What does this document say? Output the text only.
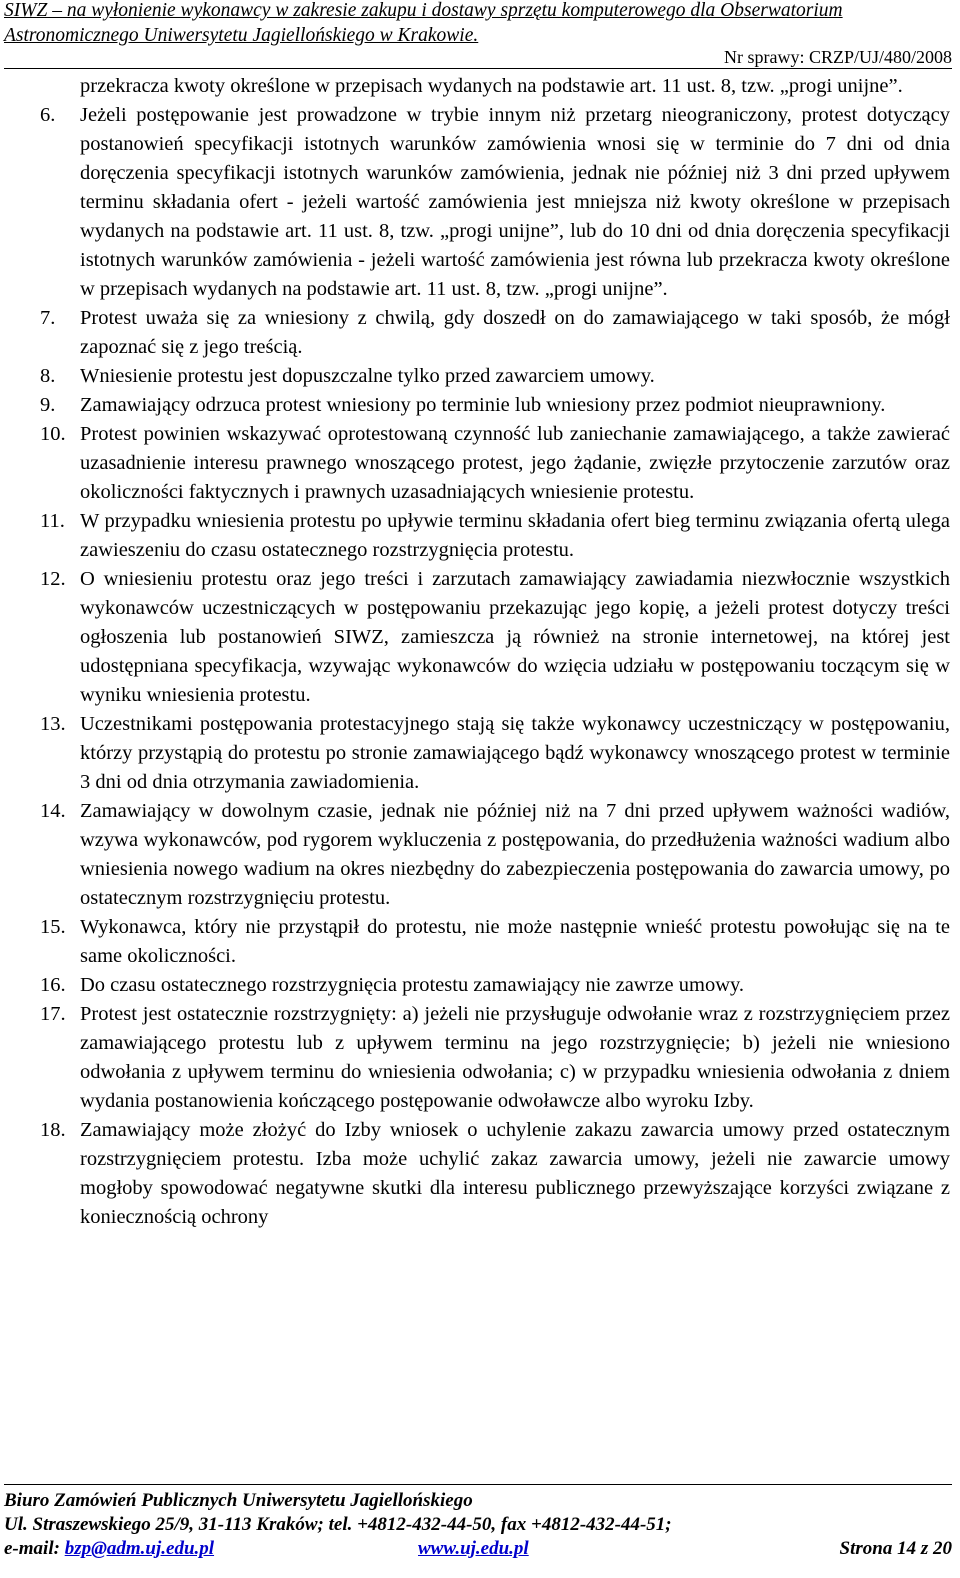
SIWZ – na wyłonienie wykonawcy w zakresie zakupu i dostawy sprzętu komputerowego dla Obserwatorium
Astronomicznego Uniwersytetu Jagiellońskiego w Krakowie.
Nr sprawy: CRZP/UJ/480/2008

przekracza kwoty określone w przepisach wydanych na podstawie art. 11 ust. 8, tzw. „progi unijne”.

6. Jeżeli postępowanie jest prowadzone w trybie innym niż przetarg nieograniczony, protest dotyczący postanowień specyfikacji istotnych warunków zamówienia wnosi się w terminie do 7 dni od dnia doręczenia specyfikacji istotnych warunków zamówienia, jednak nie później niż 3 dni przed upływem terminu składania ofert - jeżeli wartość zamówienia jest mniejsza niż kwoty określone w przepisach wydanych na podstawie art. 11 ust. 8, tzw. „progi unijne”, lub do 10 dni od dnia doręczenia specyfikacji istotnych warunków zamówienia - jeżeli wartość zamówienia jest równa lub przekracza kwoty określone w przepisach wydanych na podstawie art. 11 ust. 8, tzw. „progi unijne”.
7. Protest uważa się za wniesiony z chwilą, gdy doszedł on do zamawiającego w taki sposób, że mógł zapoznać się z jego treścią.
8. Wniesienie protestu jest dopuszczalne tylko przed zawarciem umowy.
9. Zamawiający odrzuca protest wniesiony po terminie lub wniesiony przez podmiot nieuprawniony.
10. Protest powinien wskazywać oprotestowaną czynność lub zaniechanie zamawiającego, a także zawierać uzasadnienie interesu prawnego wnoszącego protest, jego żądanie, zwięzłe przytoczenie zarzutów oraz okoliczności faktycznych i prawnych uzasadniających wniesienie protestu.
11. W przypadku wniesienia protestu po upływie terminu składania ofert bieg terminu związania ofertą ulega zawieszeniu do czasu ostatecznego rozstrzygnięcia protestu.
12. O wniesieniu protestu oraz jego treści i zarzutach zamawiający zawiadamia niezwłocznie wszystkich wykonawców uczestniczących w postępowaniu przekazując jego kopię, a jeżeli protest dotyczy treści ogłoszenia lub postanowień SIWZ, zamieszcza ją również na stronie internetowej, na której jest udostępniana specyfikacja, wzywając wykonawców do wzięcia udziału w postępowaniu toczącym się w wyniku wniesienia protestu.
13. Uczestnikami postępowania protestacyjnego stają się także wykonawcy uczestniczący w postępowaniu, którzy przystąpią do protestu po stronie zamawiającego bądź wykonawcy wnoszącego protest w terminie 3 dni od dnia otrzymania zawiadomienia.
14. Zamawiający w dowolnym czasie, jednak nie później niż na 7 dni przed upływem ważności wadiów, wzywa wykonawców, pod rygorem wykluczenia z postępowania, do przedłużenia ważności wadium albo wniesienia nowego wadium na okres niezbędny do zabezpieczenia postępowania do zawarcia umowy, po ostatecznym rozstrzygnięciu protestu.
15. Wykonawca, który nie przystąpił do protestu, nie może następnie wnieść protestu powołując się na te same okoliczności.
16. Do czasu ostatecznego rozstrzygnięcia protestu zamawiający nie zawrze umowy.
17. Protest jest ostatecznie rozstrzygnięty: a) jeżeli nie przysługuje odwołanie wraz z rozstrzygnięciem przez zamawiającego protestu lub z upływem terminu na jego rozstrzygnięcie; b) jeżeli nie wniesiono odwołania z upływem terminu do wniesienia odwołania; c) w przypadku wniesienia odwołania z dniem wydania postanowienia kończącego postępowanie odwoławcze albo wyroku Izby.
18. Zamawiający może złożyć do Izby wniosek o uchylenie zakazu zawarcia umowy przed ostatecznym rozstrzygnięciem protestu. Izba może uchylić zakaz zawarcia umowy, jeżeli nie zawarcie umowy mogłoby spowodować negatywne skutki dla interesu publicznego przewyższające korzyści związane z koniecznością ochrony
Biuro Zamówień Publicznych Uniwersytetu Jagiellońskiego
Ul. Straszewskiego 25/9, 31-113 Kraków; tel. +4812-432-44-50, fax +4812-432-44-51;
e-mail: bzp@adm.uj.edu.pl	www.uj.edu.pl	Strona 14 z 20
